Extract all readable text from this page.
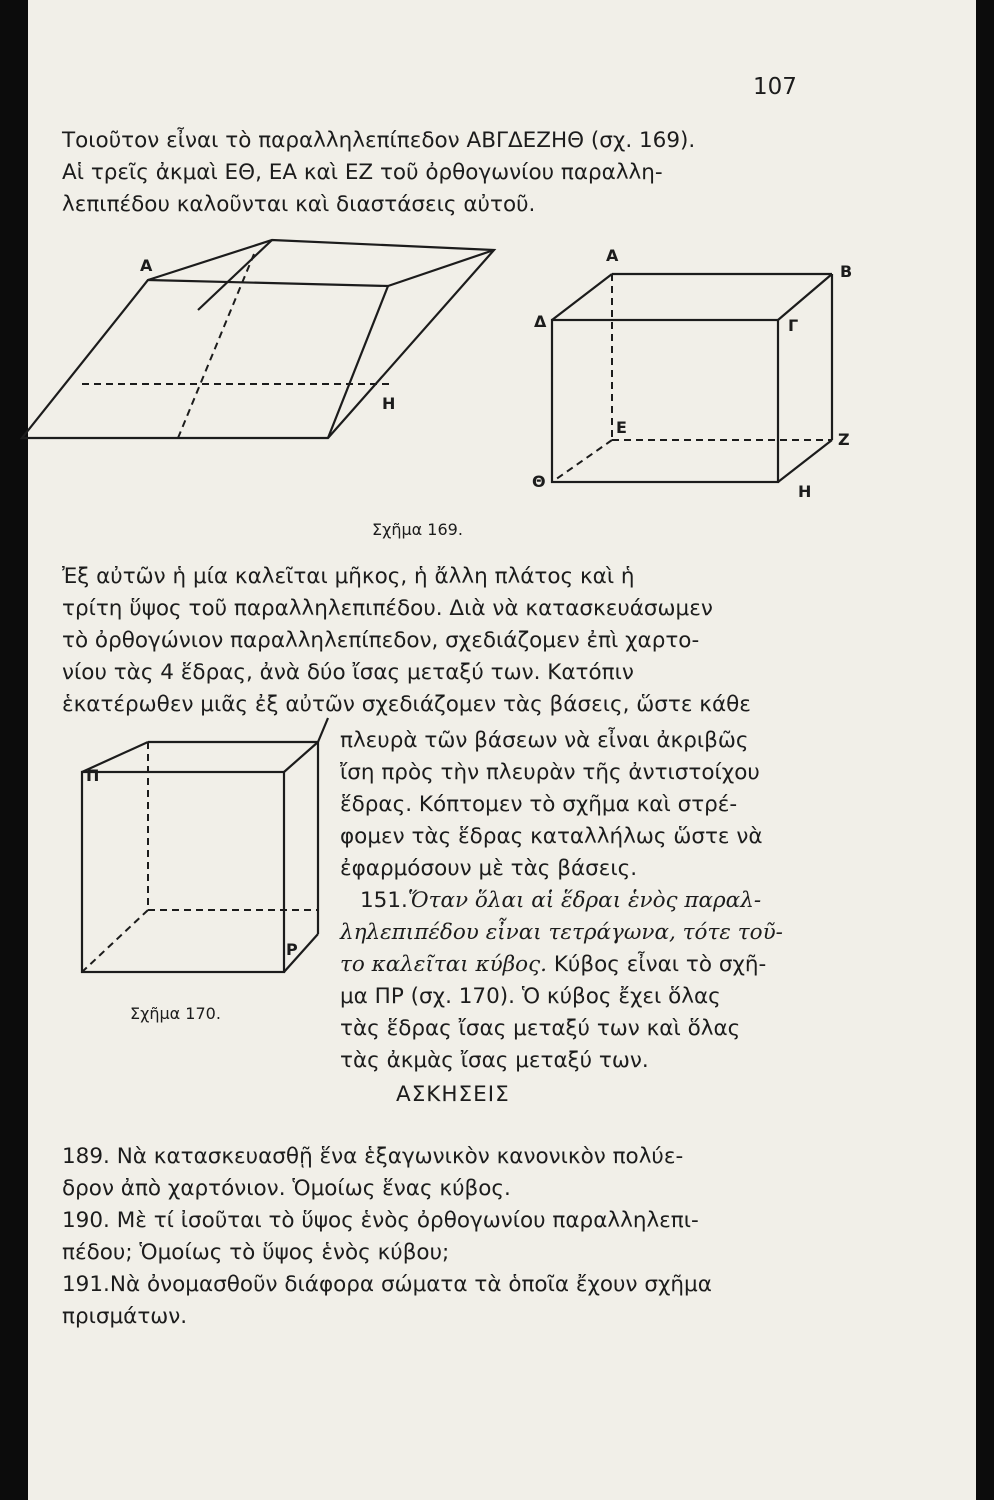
107
Τοιοῦτον εἶναι τὸ παραλληλεπίπεδον ΑΒΓΔΕΖΗΘ (σχ. 169).
Αἱ τρεῖς ἀκμαὶ ΕΘ, ΕΑ καὶ ΕΖ τοῦ ὀρθογωνίου παραλλη-
λεπιπέδου καλοῦνται καὶ διαστάσεις αὐτοῦ.
Α
Η
Α
Β
Γ
Δ
Ε
Ζ
Η
Θ
Σχῆμα 169.
Ἐξ αὐτῶν ἡ μία καλεῖται μῆκος, ἡ ἄλλη πλάτος καὶ ἡ
τρίτη ὕψος τοῦ παραλληλεπιπέδου. Διὰ νὰ κατασκευάσωμεν
τὸ ὀρθογώνιον παραλληλεπίπεδον, σχεδιάζομεν ἐπὶ χαρτο-
νίου τὰς 4 ἕδρας, ἀνὰ δύο ἴσας μεταξύ των. Κατόπιν
ἑκατέρωθεν μιᾶς ἐξ αὐτῶν σχεδιάζομεν τὰς βάσεις, ὥστε κάθε
Π
Ρ
Σχῆμα 170.
πλευρὰ τῶν βάσεων νὰ εἶναι ἀκριβῶς
ἴση πρὸς τὴν πλευρὰν τῆς ἀντιστοίχου
ἕδρας. Κόπτομεν τὸ σχῆμα καὶ στρέ-
φομεν τὰς ἕδρας καταλλήλως ὥστε νὰ
ἐφαρμόσουν μὲ τὰς βάσεις.
151.Ὅταν ὅλαι αἱ ἕδραι ἑνὸς παραλ-
ληλεπιπέδου εἶναι τετράγωνα, τότε τοῦ-
το καλεῖται κύβος. Κύβος εἶναι τὸ σχῆ-
μα ΠΡ (σχ. 170). Ὁ κύβος ἔχει ὅλας
τὰς ἕδρας ἴσας μεταξύ των καὶ ὅλας
τὰς ἀκμὰς ἴσας μεταξύ των.
ΑΣΚΗΣΕΙΣ
189. Νὰ κατασκευασθῇ ἕνα ἑξαγωνικὸν κανονικὸν πολύε-
δρον ἀπὸ χαρτόνιον. Ὁμοίως ἕνας κύβος.
190. Μὲ τί ἰσοῦται τὸ ὕψος ἑνὸς ὀρθογωνίου παραλληλεπι-
πέδου; Ὁμοίως τὸ ὕψος ἑνὸς κύβου;
191.Νὰ ὀνομασθοῦν διάφορα σώματα τὰ ὁποῖα ἔχουν σχῆμα
πρισμάτων.
